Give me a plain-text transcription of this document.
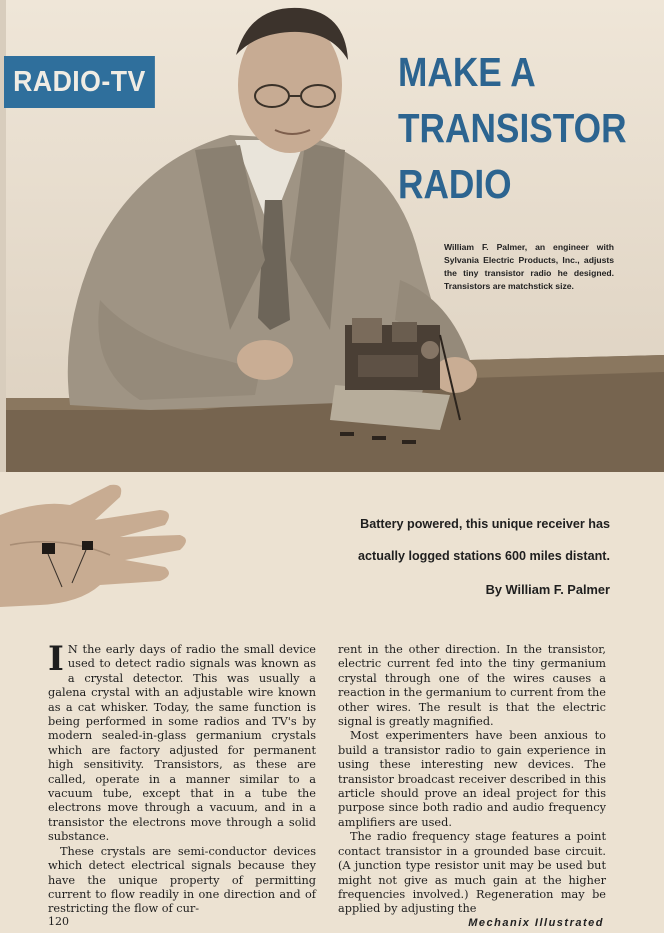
RADIO-TV	MAKE A
TRANSISTOR
RADIO
William F. Palmer, an engineer with Sylvania Electric Products, Inc., adjusts the tiny transistor radio he designed. Transistors are matchstick size.
Battery powered, this unique receiver has
actually logged stations 600 miles distant.
By William F. Palmer

I N the early days of radio the small device used to detect radio signals was known as a crystal detector. This was usually a galena crystal with an adjustable wire known as a cat whisker. Today, the same function is being performed in some radios and TV's by modern sealed-in-glass germanium crystals which are factory adjusted for permanent high sensitivity. Transistors, as these are called, operate in a manner similar to a vacuum tube, except that in a tube the electrons move through a vacuum, and in a transistor the electrons move through a solid substance.

These crystals are semi-conductor devices which detect electrical signals because they have the unique property of permitting current to flow readily in one direction and of restricting the flow of cur-

rent in the other direction. In the transistor, electric current fed into the tiny germanium crystal through one of the wires causes a reaction in the germanium to current from the other wires. The result is that the electric signal is greatly magnified.

Most experimenters have been anxious to build a transistor radio to gain experience in using these interesting new devices. The transistor broadcast receiver described in this article should prove an ideal project for this purpose since both radio and audio frequency amplifiers are used.

The radio frequency stage features a point contact transistor in a grounded base circuit. (A junction type resistor unit may be used but might not give as much gain at the higher frequencies involved.) Regeneration may be applied by adjusting the

120	Mechanix Illustrated
